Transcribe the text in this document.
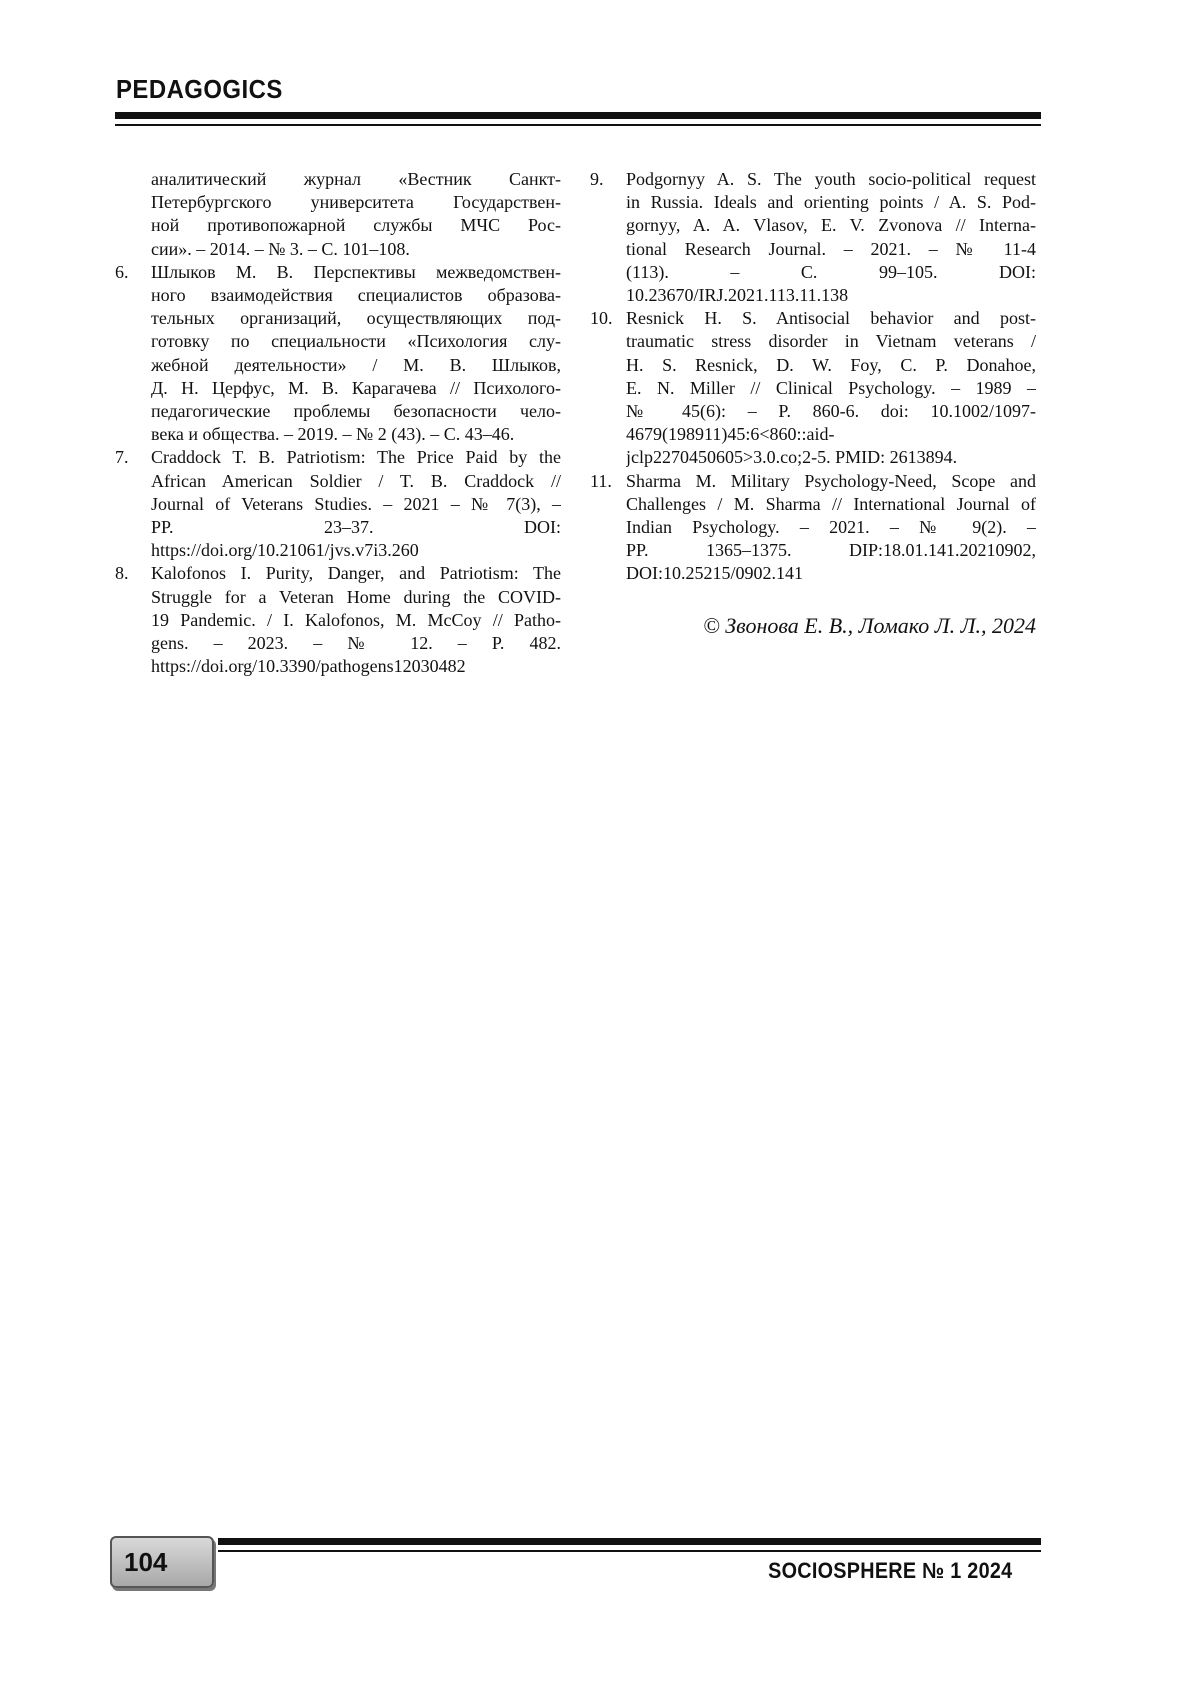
PEDAGOGICS
аналитический журнал «Вестник Санкт-
Петербургского университета Государствен-
ной противопожарной службы МЧС Рос-
сии». – 2014. – № 3. – С. 101–108.
6. Шлыков М. В. Перспективы межведомствен-
ного взаимодействия специалистов образова-
тельных организаций, осуществляющих под-
готовку по специальности «Психология слу-
жебной деятельности» / М. В. Шлыков,
Д. Н. Церфус, М. В. Карагачева // Психолого-
педагогические проблемы безопасности чело-
века и общества. – 2019. – № 2 (43). – С. 43–46.
7. Craddock T. B. Patriotism: The Price Paid by the
African American Soldier / T. B. Craddock //
Journal of Veterans Studies. – 2021 – № 7(3), –
PP. 23–37. DOI:
https://doi.org/10.21061/jvs.v7i3.260
8. Kalofonos I. Purity, Danger, and Patriotism: The
Struggle for a Veteran Home during the COVID-
19 Pandemic. / I. Kalofonos, M. McCoy // Patho-
gens. – 2023. – № 12. – P. 482.
https://doi.org/10.3390/pathogens12030482
9. Podgornyy A. S. The youth socio-political request
in Russia. Ideals and orienting points / A. S. Pod-
gornyy, A. A. Vlasov, E. V. Zvonova // Interna-
tional Research Journal. – 2021. – № 11-4
(113). – С. 99–105. DOI:
10.23670/IRJ.2021.113.11.138
10. Resnick H. S. Antisocial behavior and post-
traumatic stress disorder in Vietnam veterans /
H. S. Resnick, D. W. Foy, C. P. Donahoe,
E. N. Miller // Clinical Psychology. – 1989 –
№ 45(6): – P. 860-6. doi: 10.1002/1097-
4679(198911)45:6<860::aid-
jclp2270450605>3.0.co;2-5. PMID: 2613894.
11. Sharma M. Military Psychology-Need, Scope and
Challenges / M. Sharma // International Journal of
Indian Psychology. – 2021. – № 9(2). –
PP. 1365–1375. DIP:18.01.141.20210902,
DOI:10.25215/0902.141
© Звонова Е. В., Ломако Л. Л., 2024
104	SOCIOSPHERE № 1 2024
